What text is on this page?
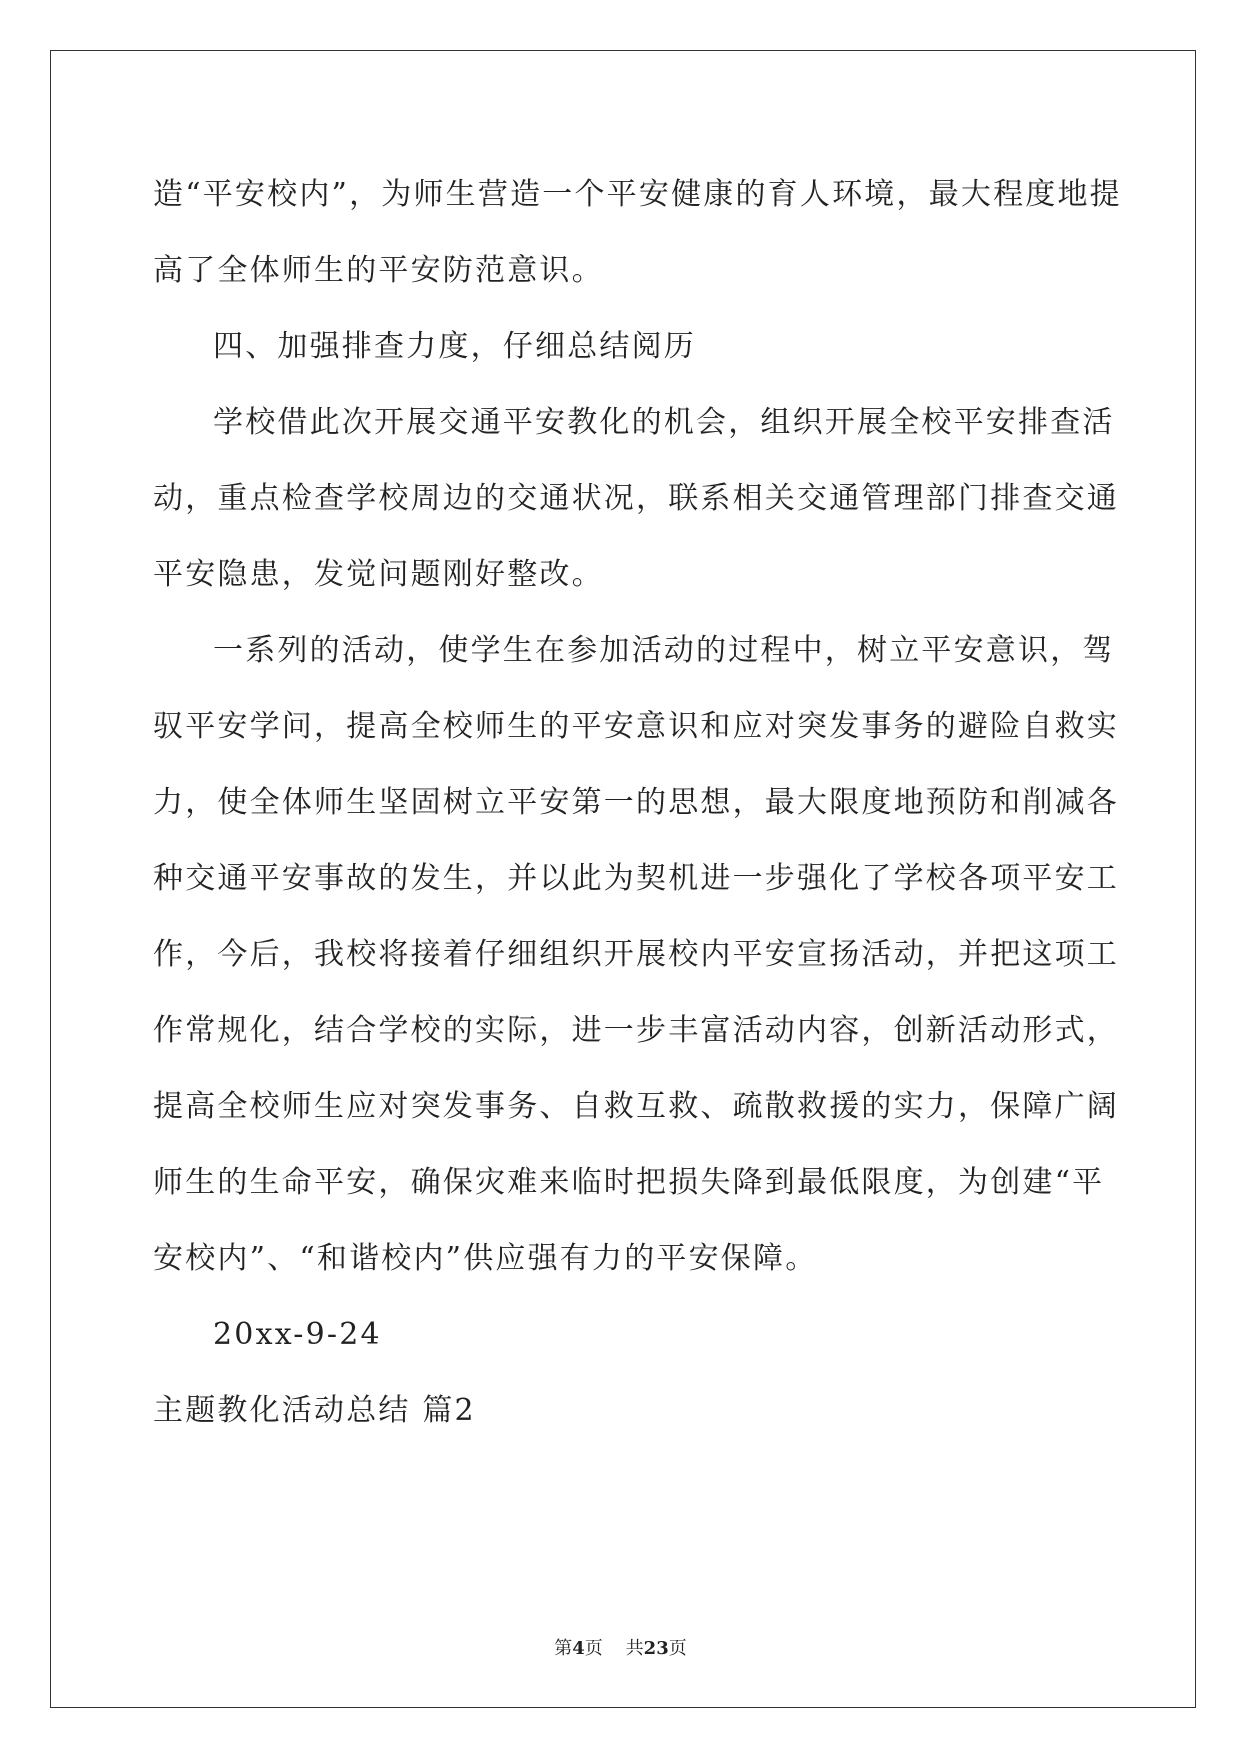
造“平安校内”，为师生营造一个平安健康的育人环境，最大程度地提
高了全体师生的平安防范意识。
四、加强排查力度，仔细总结阅历
学校借此次开展交通平安教化的机会，组织开展全校平安排查活
动，重点检查学校周边的交通状况，联系相关交通管理部门排查交通
平安隐患，发觉问题刚好整改。
一系列的活动，使学生在参加活动的过程中，树立平安意识，驾
驭平安学问，提高全校师生的平安意识和应对突发事务的避险自救实
力，使全体师生坚固树立平安第一的思想，最大限度地预防和削减各
种交通平安事故的发生，并以此为契机进一步强化了学校各项平安工
作，今后，我校将接着仔细组织开展校内平安宣扬活动，并把这项工
作常规化，结合学校的实际，进一步丰富活动内容，创新活动形式，
提高全校师生应对突发事务、自救互救、疏散救援的实力，保障广阔
师生的生命平安，确保灾难来临时把损失降到最低限度，为创建“平
安校内”、“和谐校内”供应强有力的平安保障。
20xx-9-24
主题教化活动总结 篇2
第4页    共23页
